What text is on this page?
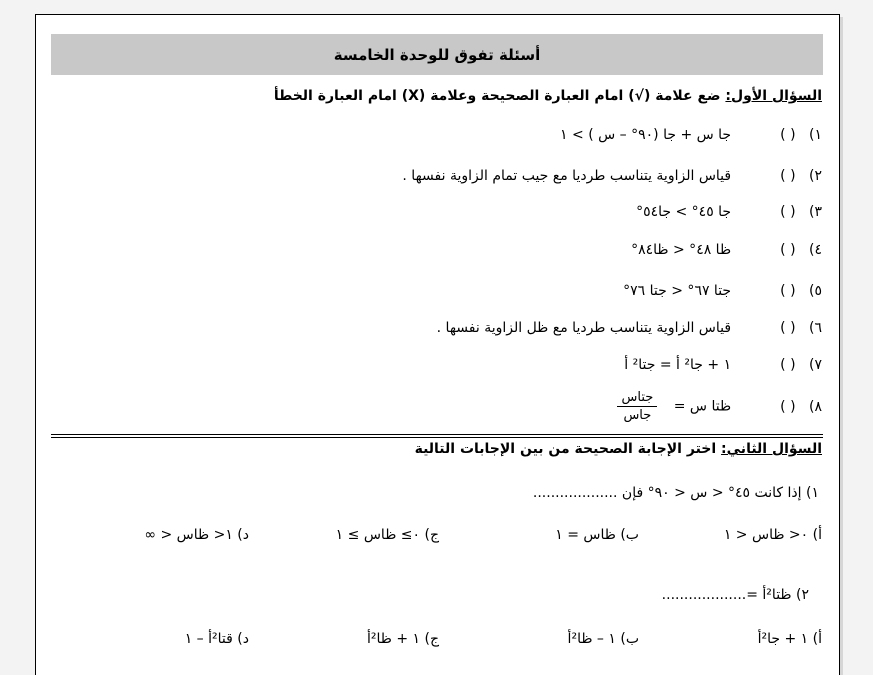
أسئلة تفوق للوحدة الخامسة
السؤال الأول: ضع علامة (√) امام العبارة الصحيحة وعلامة (X) امام العبارة الخطأ
١) ( ) جا س + جا (٩٠° – س ) > ١
٢) ( ) قياس الزاوية يتناسب طرديا مع جيب تمام الزاوية نفسها .
٣) ( ) جا ٤٥° > جا٥٤°
٤) ( ) ظا ٤٨° < ظا٨٤°
٥) ( ) جتا ٦٧° < جتا ٧٦°
٦) ( ) قياس الزاوية يتناسب طرديا مع ظل الزاوية نفسها .
٧) ( ) ١ + جا² أ = جتا² أ
٨) ( ) ظتا س =
$\frac{\text{جتاس}}{\text{جاس}}$
السؤال الثاني: اختر الإجابة الصحيحة من بين الإجابات التالية
١) إذا كانت ٤٥° < س < ٩٠° فإن ...................
أ) ٠< ظاس < ١
ب) ظاس = ١
ج) ٠≥ ظاس ≥ ١
د) ١< ظاس < ∞
٢) ظتا²أ =...................
أ) ١ + جا²أ
ب) ١ – ظا²أ
ج) ١ + ظا²أ
د) قتا²أ – ١
